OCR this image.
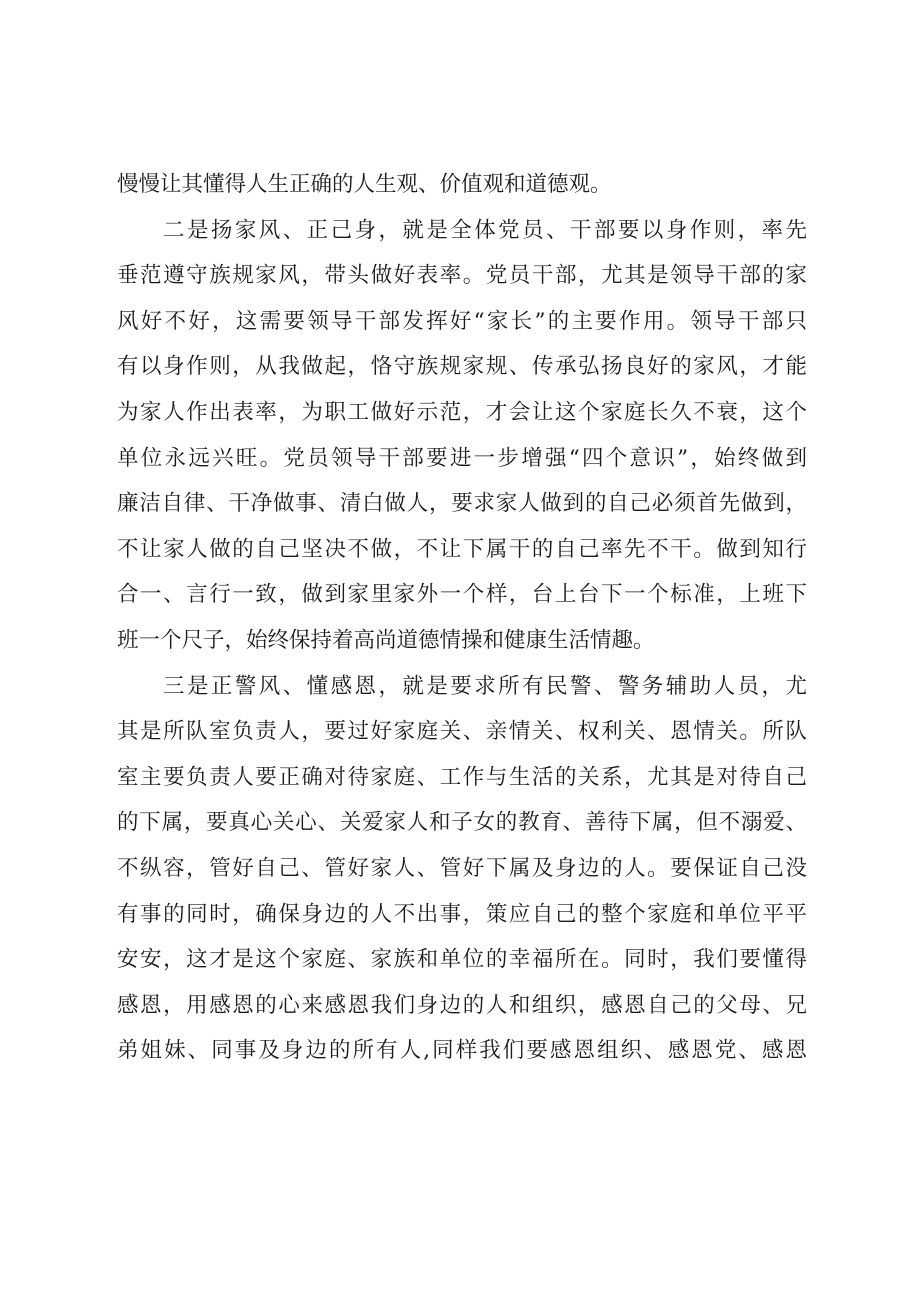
慢慢让其懂得人生正确的人生观、价值观和道德观。
二是扬家风、正己身，就是全体党员、干部要以身作则，率先
垂范遵守族规家风，带头做好表率。党员干部，尤其是领导干部的家
风好不好，这需要领导干部发挥好“家长”的主要作用。领导干部只
有以身作则，从我做起，恪守族规家规、传承弘扬良好的家风，才能
为家人作出表率，为职工做好示范，才会让这个家庭长久不衰，这个
单位永远兴旺。党员领导干部要进一步增强“四个意识”，始终做到
廉洁自律、干净做事、清白做人，要求家人做到的自己必须首先做到，
不让家人做的自己坚决不做，不让下属干的自己率先不干。做到知行
合一、言行一致，做到家里家外一个样，台上台下一个标准，上班下
班一个尺子，始终保持着高尚道德情操和健康生活情趣。
三是正警风、懂感恩，就是要求所有民警、警务辅助人员，尤
其是所队室负责人，要过好家庭关、亲情关、权利关、恩情关。所队
室主要负责人要正确对待家庭、工作与生活的关系，尤其是对待自己
的下属，要真心关心、关爱家人和子女的教育、善待下属，但不溺爱、
不纵容，管好自己、管好家人、管好下属及身边的人。要保证自己没
有事的同时，确保身边的人不出事，策应自己的整个家庭和单位平平
安安，这才是这个家庭、家族和单位的幸福所在。同时，我们要懂得
感恩，用感恩的心来感恩我们身边的人和组织，感恩自己的父母、兄
弟姐妹、同事及身边的所有人,同样我们要感恩组织、感恩党、感恩
